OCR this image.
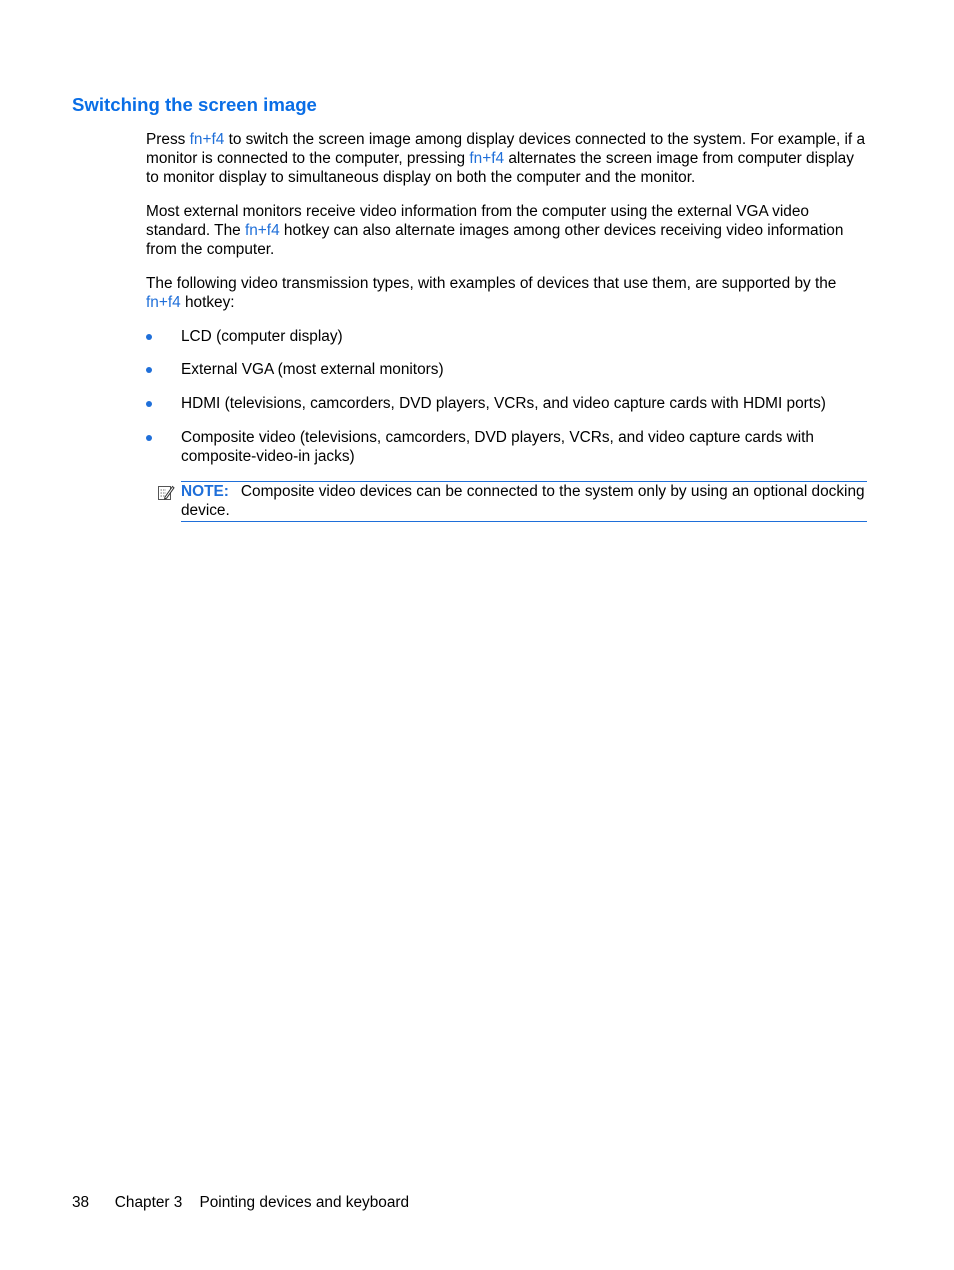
Switching the screen image

Press fn+f4 to switch the screen image among display devices connected to the system. For example, if a monitor is connected to the computer, pressing fn+f4 alternates the screen image from computer display to monitor display to simultaneous display on both the computer and the monitor.

Most external monitors receive video information from the computer using the external VGA video standard. The fn+f4 hotkey can also alternate images among other devices receiving video information from the computer.

The following video transmission types, with examples of devices that use them, are supported by the fn+f4 hotkey:

LCD (computer display)
External VGA (most external monitors)
HDMI (televisions, camcorders, DVD players, VCRs, and video capture cards with HDMI ports)
Composite video (televisions, camcorders, DVD players, VCRs, and video capture cards with composite-video-in jacks)

NOTE: Composite video devices can be connected to the system only by using an optional docking device.

38 Chapter 3 Pointing devices and keyboard
